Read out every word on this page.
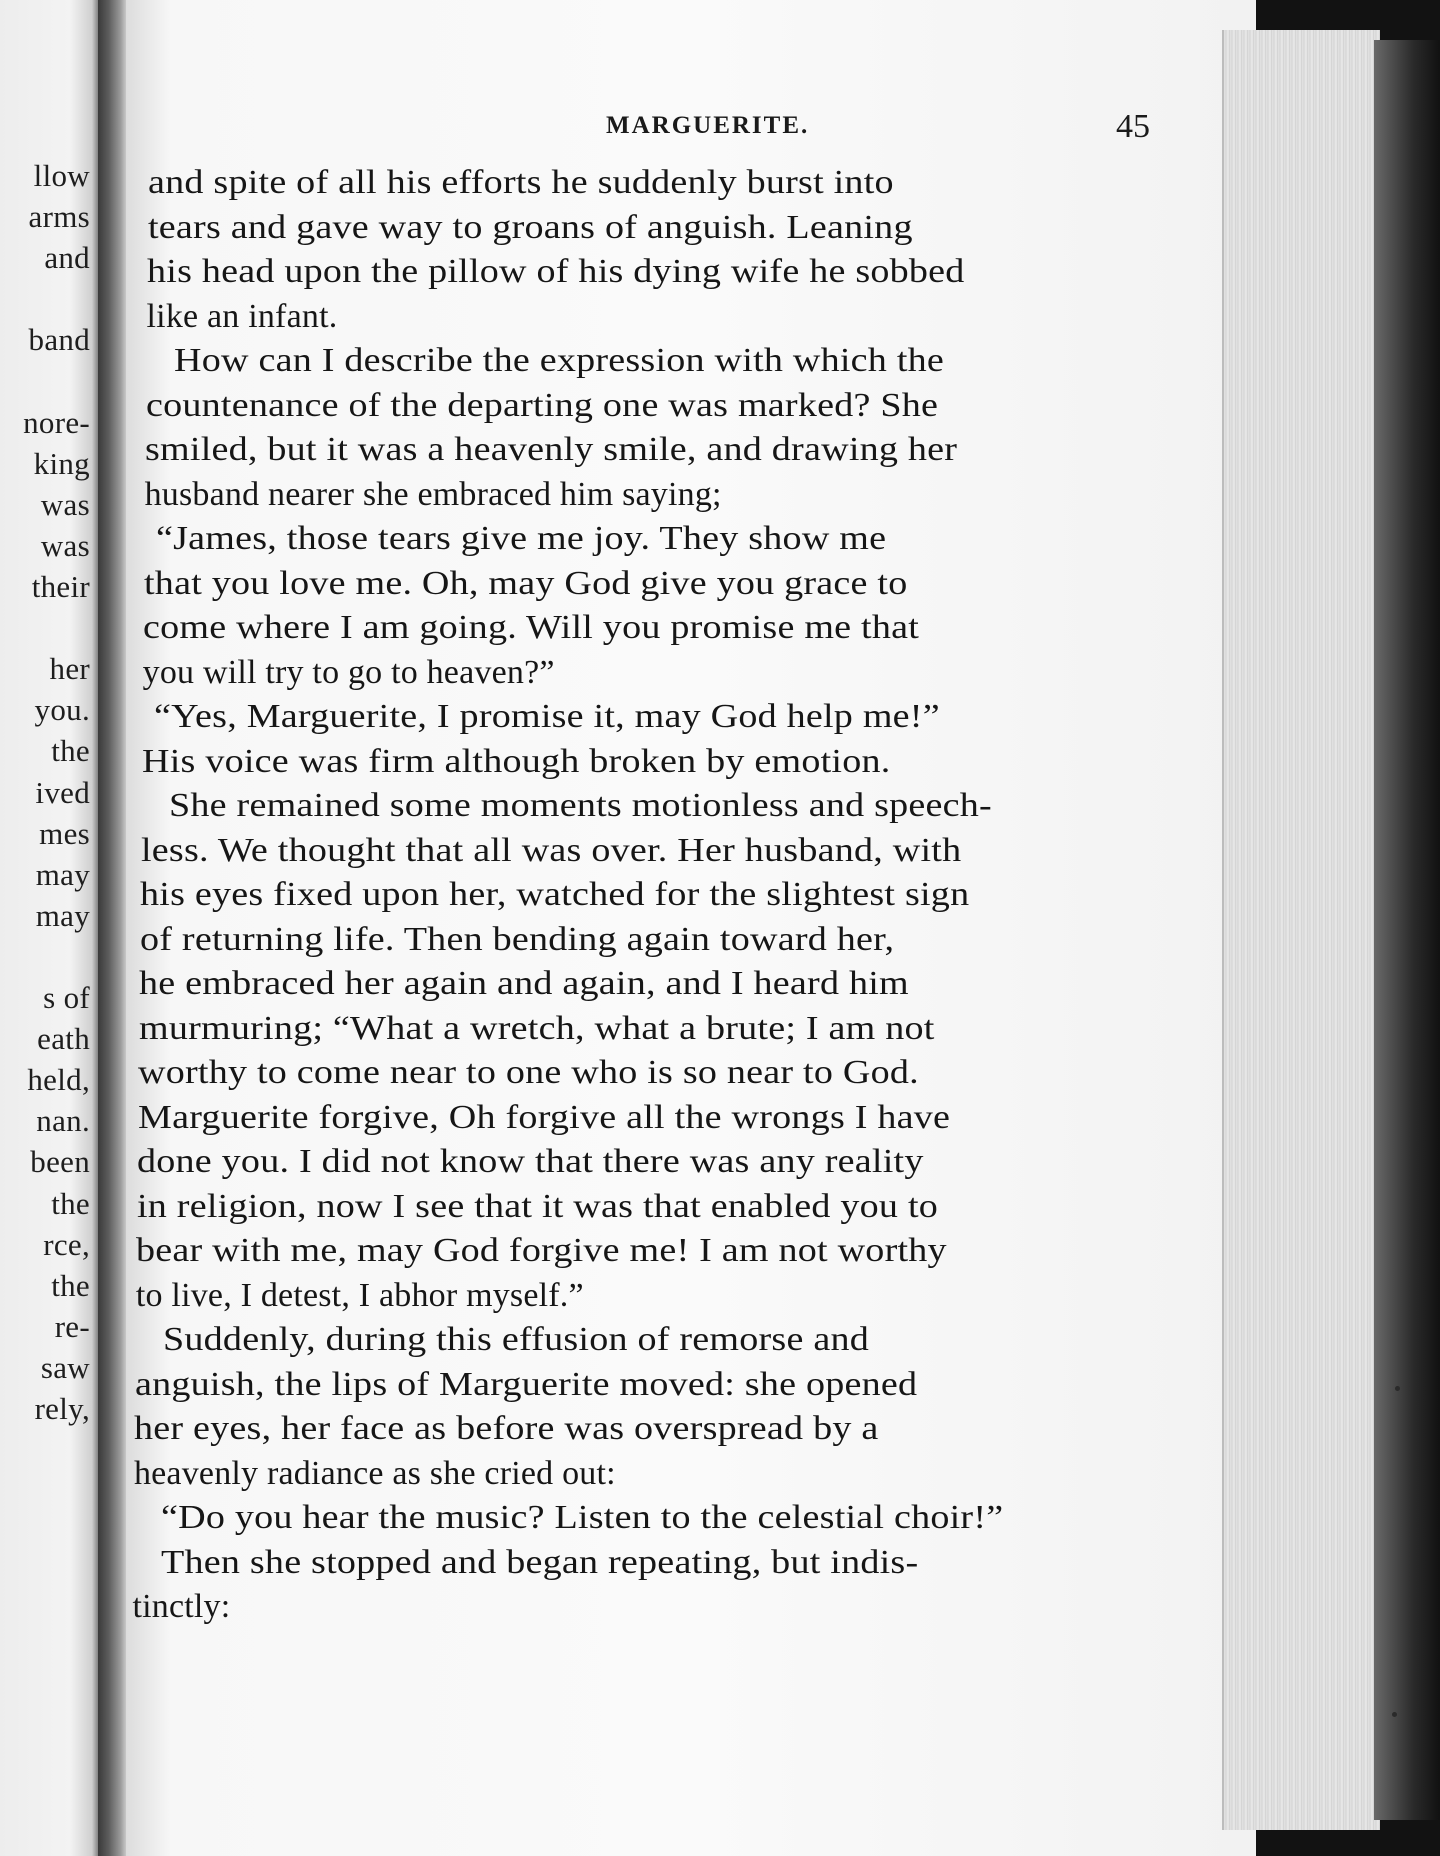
llow
arms
and
band
nore-
king
was
was
their
her
you.
the
ived
mes
may
may
s of
eath
held,
nan.
been
the
rce,
the
re-
saw
rely,
MARGUERITE.	45
and spite of all his efforts he suddenly burst into
tears and gave way to groans of anguish. Leaning
his head upon the pillow of his dying wife he sobbed
like an infant.
How can I describe the expression with which the
countenance of the departing one was marked? She
smiled, but it was a heavenly smile, and drawing her
husband nearer she embraced him saying;
“James, those tears give me joy. They show me
that you love me. Oh, may God give you grace to
come where I am going. Will you promise me that
you will try to go to heaven?”
“Yes, Marguerite, I promise it, may God help me!”
His voice was firm although broken by emotion.
She remained some moments motionless and speech-
less. We thought that all was over. Her husband, with
his eyes fixed upon her, watched for the slightest sign
of returning life. Then bending again toward her,
he embraced her again and again, and I heard him
murmuring; “What a wretch, what a brute; I am not
worthy to come near to one who is so near to God.
Marguerite forgive, Oh forgive all the wrongs I have
done you. I did not know that there was any reality
in religion, now I see that it was that enabled you to
bear with me, may God forgive me! I am not worthy
to live, I detest, I abhor myself.”
Suddenly, during this effusion of remorse and
anguish, the lips of Marguerite moved: she opened
her eyes, her face as before was overspread by a
heavenly radiance as she cried out:
“Do you hear the music? Listen to the celestial choir!”
Then she stopped and began repeating, but indis-
tinctly:
